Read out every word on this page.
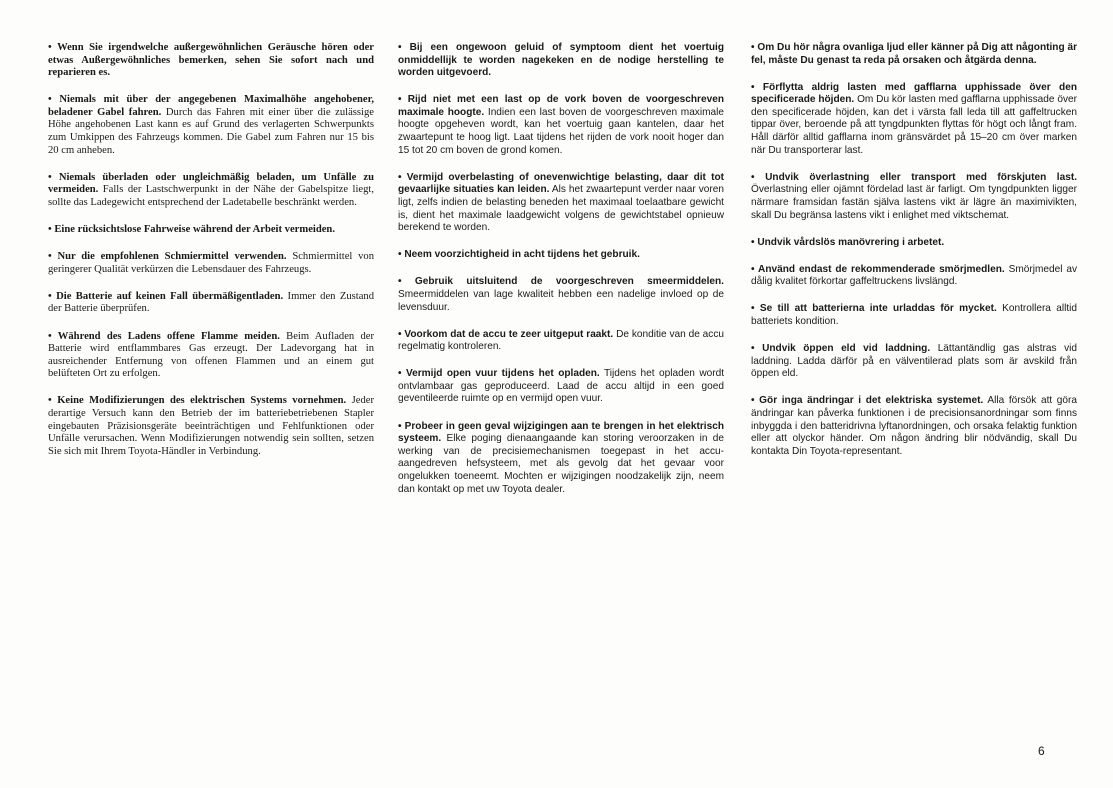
• Wenn Sie irgendwelche außergewöhnlichen Geräusche hören oder etwas Außergewöhnliches bemerken, sehen Sie sofort nach und reparieren es.
• Niemals mit über der angegebenen Maximalhöhe angehobener, beladener Gabel fahren. Durch das Fahren mit einer über die zulässige Höhe angehobenen Last kann es auf Grund des verlagerten Schwerpunkts zum Umkippen des Fahrzeugs kommen. Die Gabel zum Fahren nur 15 bis 20 cm anheben.
• Niemals überladen oder ungleichmäßig beladen, um Unfälle zu vermeiden. Falls der Lastschwerpunkt in der Nähe der Gabelspitze liegt, sollte das Ladegewicht entsprechend der Ladetabelle beschränkt werden.
• Eine rücksichtslose Fahrweise während der Arbeit vermeiden.
• Nur die empfohlenen Schmiermittel verwenden. Schmiermittel von geringerer Qualität verkürzen die Lebensdauer des Fahrzeugs.
• Die Batterie auf keinen Fall übermäßigentladen. Immer den Zustand der Batterie überprüfen.
• Während des Ladens offene Flamme meiden. Beim Aufladen der Batterie wird entflammbares Gas erzeugt. Der Ladevorgang hat in ausreichender Entfernung von offenen Flammen und an einem gut belüfteten Ort zu erfolgen.
• Keine Modifizierungen des elektrischen Systems vornehmen. Jeder derartige Versuch kann den Betrieb der im batteriebetriebenen Stapler eingebauten Präzisionsgeräte beeinträchtigen und Fehlfunktionen oder Unfälle verursachen. Wenn Modifizierungen notwendig sein sollten, setzen Sie sich mit Ihrem Toyota-Händler in Verbindung.
• Bij een ongewoon geluid of symptoom dient het voertuig onmiddellijk te worden nagekeken en de nodige herstelling te worden uitgevoerd.
• Rijd niet met een last op de vork boven de voorgeschreven maximale hoogte. Indien een last boven de voorgeschreven maximale hoogte opgeheven wordt, kan het voertuig gaan kantelen, daar het zwaartepunt te hoog ligt. Laat tijdens het rijden de vork nooit hoger dan 15 tot 20 cm boven de grond komen.
• Vermijd overbelasting of onevenwichtige belasting, daar dit tot gevaarlijke situaties kan leiden. Als het zwaartepunt verder naar voren ligt, zelfs indien de belasting beneden het maximaal toelaatbare gewicht is, dient het maximale laadgewicht volgens de gewichtstabel opnieuw berekend te worden.
• Neem voorzichtigheid in acht tijdens het gebruik.
• Gebruik uitsluitend de voorgeschreven smeermiddelen. Smeermiddelen van lage kwaliteit hebben een nadelige invloed op de levensduur.
• Voorkom dat de accu te zeer uitgeput raakt. De konditie van de accu regelmatig kontroleren.
• Vermijd open vuur tijdens het opladen. Tijdens het opladen wordt ontvlambaar gas geproduceerd. Laad de accu altijd in een goed geventileerde ruimte op en vermijd open vuur.
• Probeer in geen geval wijzigingen aan te brengen in het elektrisch systeem. Elke poging dienaangaande kan storing veroorzaken in de werking van de precisiemechanismen toegepast in het accu-aangedreven hefsysteem, met als gevolg dat het gevaar voor ongelukken toeneemt. Mochten er wijzigingen noodzakelijk zijn, neem dan kontakt op met uw Toyota dealer.
• Om Du hör några ovanliga ljud eller känner på Dig att någonting är fel, måste Du genast ta reda på orsaken och åtgärda denna.
• Förflytta aldrig lasten med gafflarna upphissade över den specificerade höjden. Om Du kör lasten med gafflarna upphissade över den specificerade höjden, kan det i värsta fall leda till att gaffeltrucken tippar över, beroende på att tyngdpunkten flyttas för högt och långt fram. Håll därför alltid gafflarna inom gränsvärdet på 15–20 cm över marken när Du transporterar last.
• Undvik överlastning eller transport med förskjuten last. Överlastning eller ojämnt fördelad last är farligt. Om tyngdpunkten ligger närmare framsidan fastän själva lastens vikt är lägre än maximivikten, skall Du begränsa lastens vikt i enlighet med viktschemat.
• Undvik vårdslös manövrering i arbetet.
• Använd endast de rekommenderade smörjmedlen. Smörjmedel av dålig kvalitet förkortar gaffeltruckens livslängd.
• Se till att batterierna inte urladdas för mycket. Kontrollera alltid batteriets kondition.
• Undvik öppen eld vid laddning. Lättantändlig gas alstras vid laddning. Ladda därför på en välventilerad plats som är avskild från öppen eld.
• Gör inga ändringar i det elektriska systemet. Alla försök att göra ändringar kan påverka funktionen i de precisionsanordningar som finns inbyggda i den batteridrivna lyftanordningen, och orsaka felaktig funktion eller att olyckor händer. Om någon ändring blir nödvändig, skall Du kontakta Din Toyota-representant.
6
